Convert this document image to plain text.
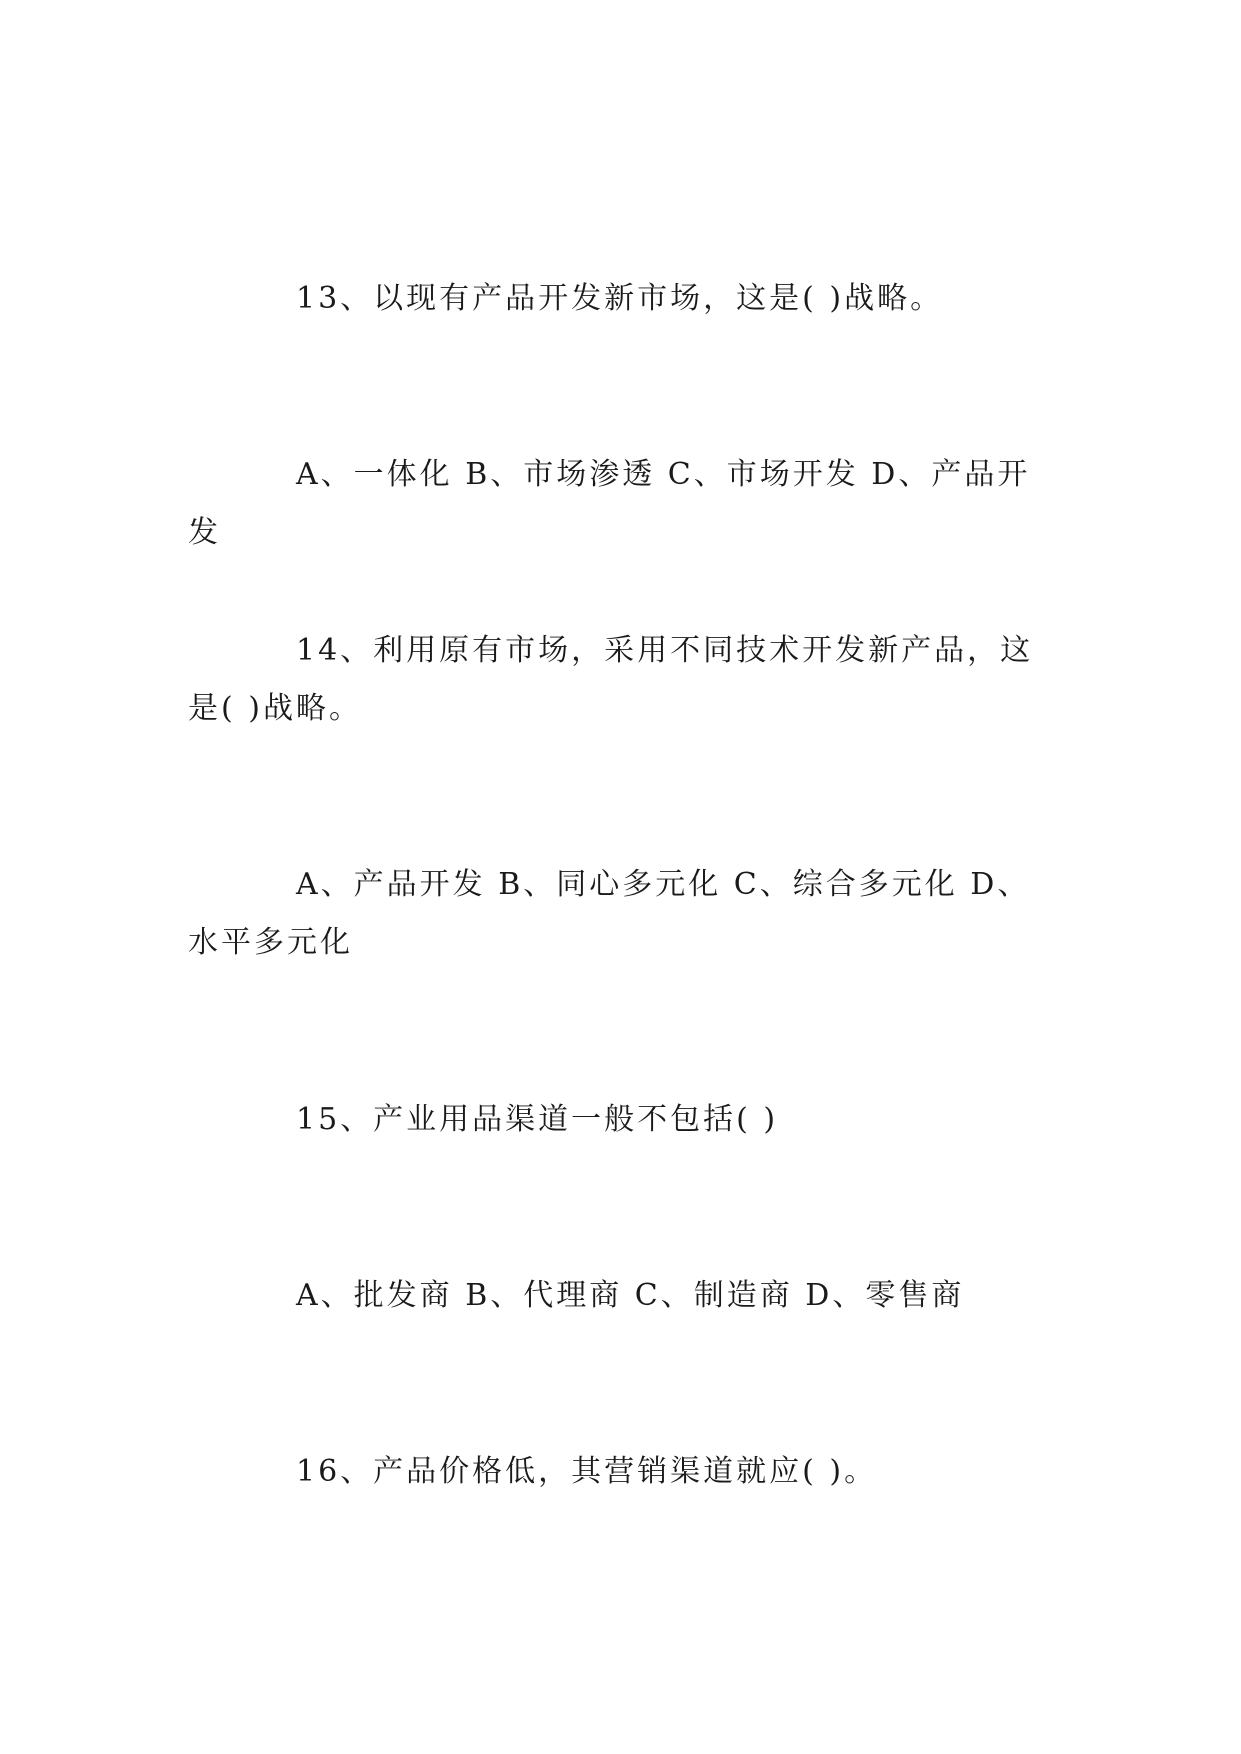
13、以现有产品开发新市场，这是( )战略。

A、一体化 B、市场渗透 C、市场开发 D、产品开发

14、利用原有市场，采用不同技术开发新产品，这是( )战略。

A、产品开发 B、同心多元化 C、综合多元化 D、水平多元化

15、产业用品渠道一般不包括( )

A、批发商 B、代理商 C、制造商 D、零售商

16、产品价格低，其营销渠道就应( )。
